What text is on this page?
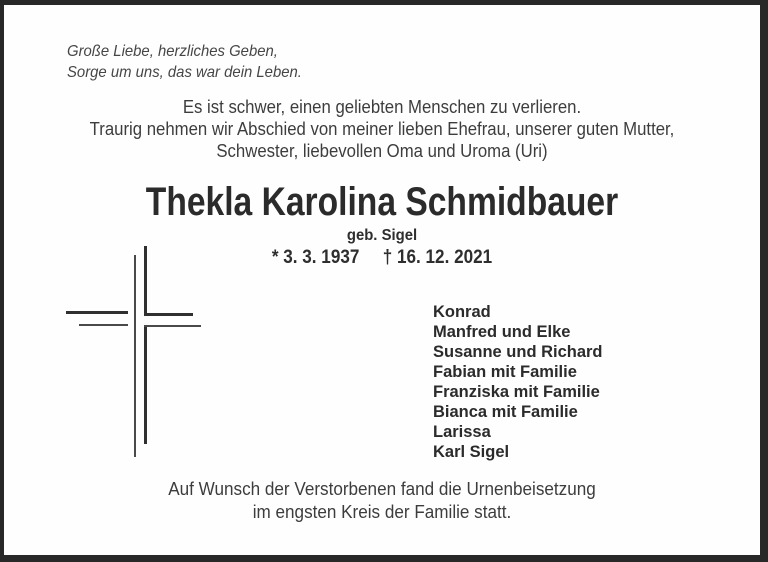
Große Liebe, herzliches Geben,
Sorge um uns, das war dein Leben.
Es ist schwer, einen geliebten Menschen zu verlieren.
Traurig nehmen wir Abschied von meiner lieben Ehefrau, unserer guten Mutter,
Schwester, liebevollen Oma und Uroma (Uri)
Thekla Karolina Schmidbauer
geb. Sigel
* 3. 3. 1937 † 16. 12. 2021
Konrad
Manfred und Elke
Susanne und Richard
Fabian mit Familie
Franziska mit Familie
Bianca mit Familie
Larissa
Karl Sigel
Auf Wunsch der Verstorbenen fand die Urnenbeisetzung
im engsten Kreis der Familie statt.
